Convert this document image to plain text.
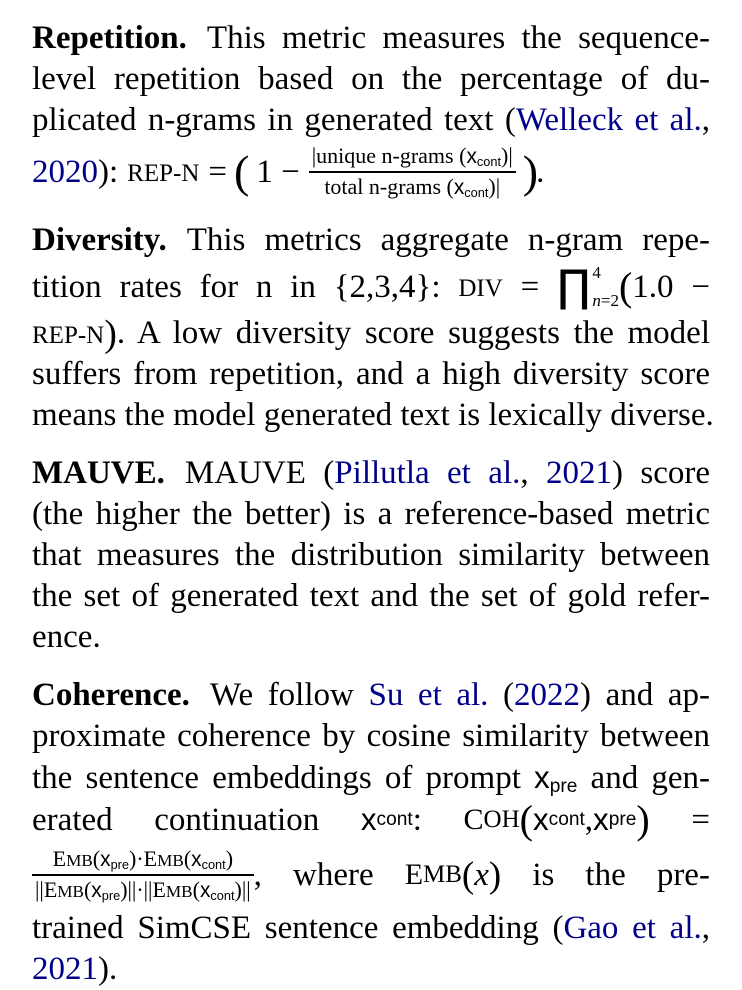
Repetition. This metric measures the sequence-
level repetition based on the percentage of du-
plicated n-grams in generated text (Welleck et al.,
2020 ): REP-N = ( $1 - \frac{|unique n-grams (x_{cont})|}{total n-grams (x_{cont})|}$ )
.
Diversity. This metrics aggregate n-gram repe-
tition rates for n in {2,3,4}: DIV = ∏ 4
n=2 ( 1.0 −
REP-N). A low diversity score suggests the model
suffers from repetition, and a high diversity score
means the model generated text is lexically diverse.
MAUVE. MAUVE (Pillutla et al., 2021) score
(the higher the better) is a reference-based metric
that measures the distribution similarity between
the set of generated text and the set of gold refer-
ence.
Coherence. We follow Su et al. (2022) and ap-
proximate coherence by cosine similarity between
the sentence embeddings of prompt $x_{pre}$ and gen-
erated continuation x cont : C OH ( x cont , x pre ) =
$\frac{EMB(x_{pre})\cdot EMB(x_{cont})}{||EMB(x_{pre})||\cdot||EMB(x_{cont})||}$ , where E MB ( x ) is the pre-
trained SimCSE sentence embedding (Gao et al.,
2021).
